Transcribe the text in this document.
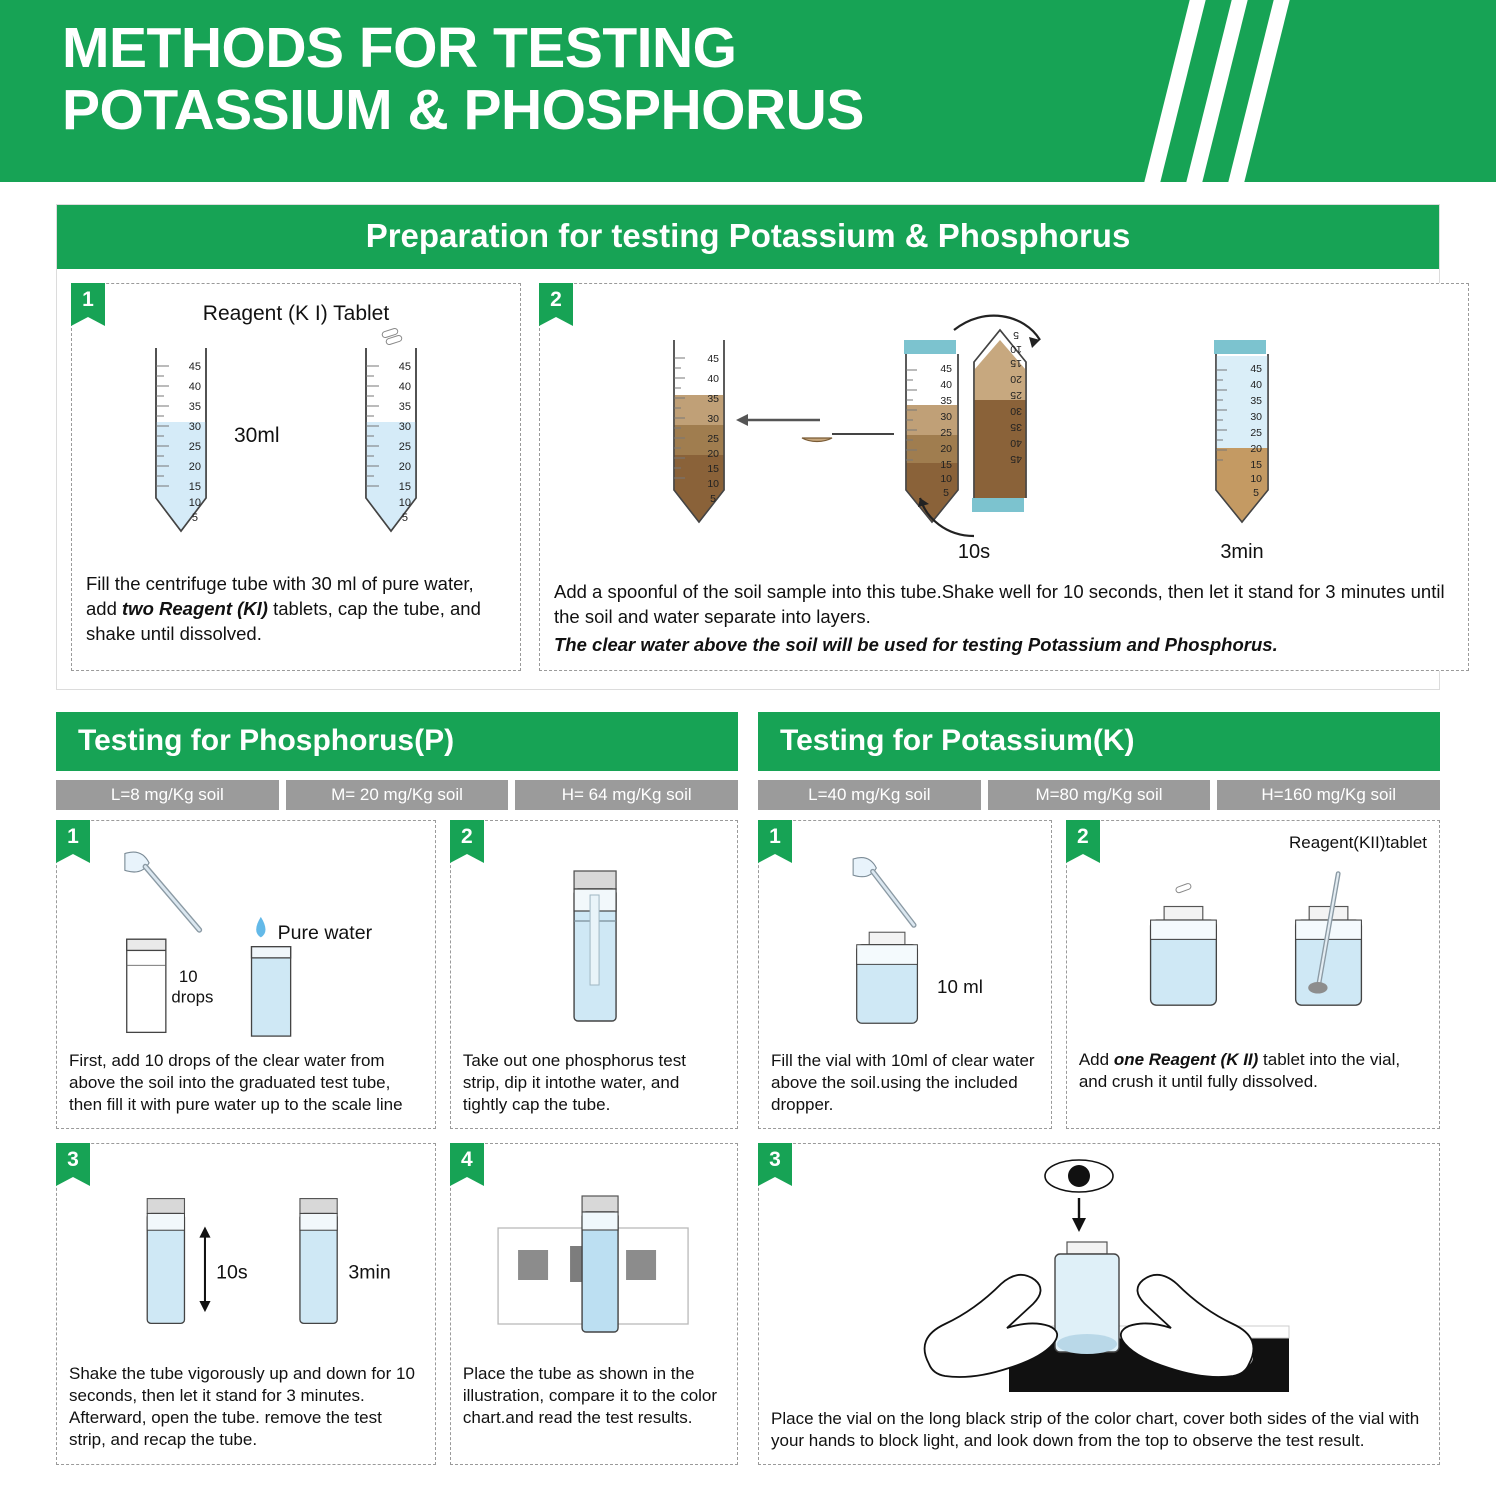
METHODS FOR TESTING
POTASSIUM & PHOSPHORUS
Preparation for testing Potassium & Phosphorus
1
Reagent (K I) Tablet
45
40
35
30
25
20
15
10
5
45
40
35
30
25
20
15
10
5
30ml
Fill the centrifuge tube with 30 ml of pure water, add two Reagent (KI) tablets, cap the tube, and shake until dissolved.
2
45
40
35
30
25
20
15
10
5
45
40
35
30
25
20
15
10
5
45
40
35
30
25
20
15
10
5
10s
45
40
35
30
25
20
15
10
5
3min
Add a spoonful of the soil sample into this tube.Shake well for 10 seconds, then let it stand for 3 minutes until the soil and water separate into layers.
The clear water above the soil will be used for testing Potassium and Phosphorus.
Testing for Phosphorus(P)
L=8 mg/Kg soil	M= 20 mg/Kg soil	H= 64 mg/Kg soil
1
10
drops
Pure water
First, add 10 drops of the clear water from above the soil into the graduated test tube, then fill it with pure water up to the scale line
2
Take out one phosphorus test strip, dip it intothe water, and tightly cap the tube.
3
10s	3min
Shake the tube vigorously up and down for 10 seconds, then let it stand for 3 minutes. Afterward, open the tube. remove the test strip, and recap the tube.
4
Place the tube as shown in the illustration, compare it to the color chart.and read the test results.
Testing for Potassium(K)
L=40 mg/Kg soil	M=80 mg/Kg soil	H=160 mg/Kg soil
1
10 ml
Fill the vial with 10ml of clear water above the soil.using the included dropper.
2	Reagent(KII)tablet
Add one Reagent (K II) tablet into the vial, and crush it until fully dissolved.
3
Place the vial on the long black strip of the color chart, cover both sides of the vial with your hands to block light, and look down from the top to observe the test result.
